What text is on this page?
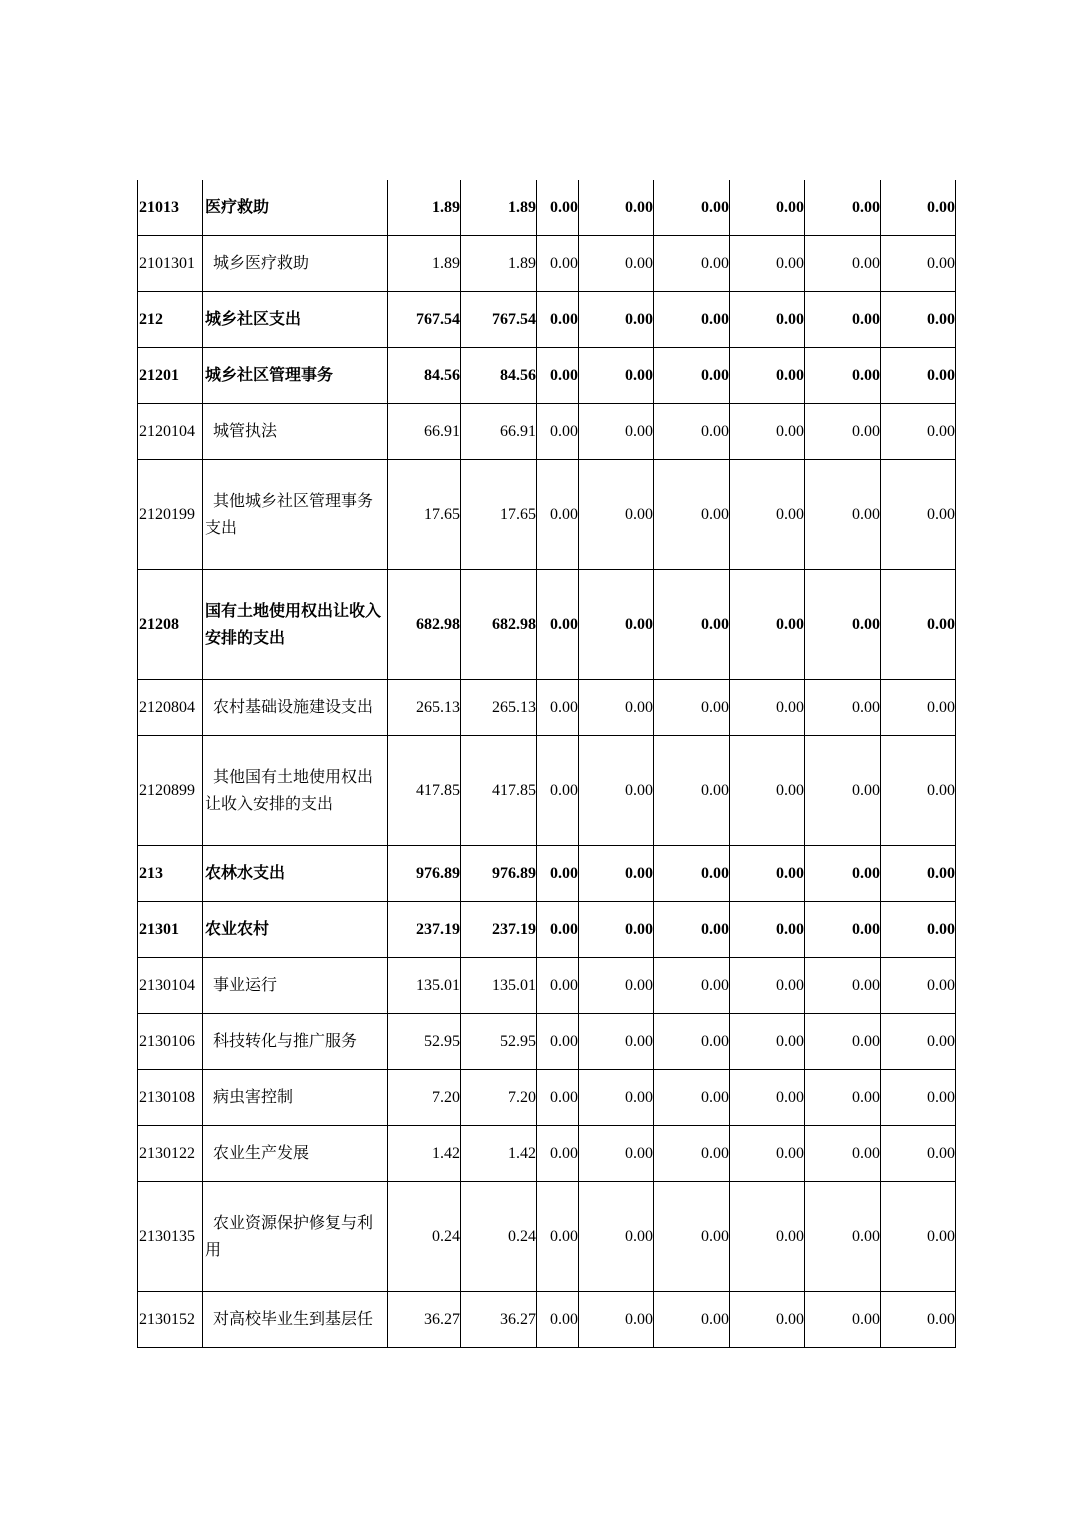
21013	医疗救助	1.89	1.89	0.00	0.00	0.00	0.00	0.00	0.00
2101301	城乡医疗救助	1.89	1.89	0.00	0.00	0.00	0.00	0.00	0.00
212	城乡社区支出	767.54	767.54	0.00	0.00	0.00	0.00	0.00	0.00
21201	城乡社区管理事务	84.56	84.56	0.00	0.00	0.00	0.00	0.00	0.00
2120104	城管执法	66.91	66.91	0.00	0.00	0.00	0.00	0.00	0.00
2120199	其他城乡社区管理事务支出	17.65	17.65	0.00	0.00	0.00	0.00	0.00	0.00
21208	国有土地使用权出让收入安排的支出	682.98	682.98	0.00	0.00	0.00	0.00	0.00	0.00
2120804	农村基础设施建设支出	265.13	265.13	0.00	0.00	0.00	0.00	0.00	0.00
2120899	其他国有土地使用权出让收入安排的支出	417.85	417.85	0.00	0.00	0.00	0.00	0.00	0.00
213	农林水支出	976.89	976.89	0.00	0.00	0.00	0.00	0.00	0.00
21301	农业农村	237.19	237.19	0.00	0.00	0.00	0.00	0.00	0.00
2130104	事业运行	135.01	135.01	0.00	0.00	0.00	0.00	0.00	0.00
2130106	科技转化与推广服务	52.95	52.95	0.00	0.00	0.00	0.00	0.00	0.00
2130108	病虫害控制	7.20	7.20	0.00	0.00	0.00	0.00	0.00	0.00
2130122	农业生产发展	1.42	1.42	0.00	0.00	0.00	0.00	0.00	0.00
2130135	农业资源保护修复与利用	0.24	0.24	0.00	0.00	0.00	0.00	0.00	0.00
2130152	对高校毕业生到基层任	36.27	36.27	0.00	0.00	0.00	0.00	0.00	0.00
